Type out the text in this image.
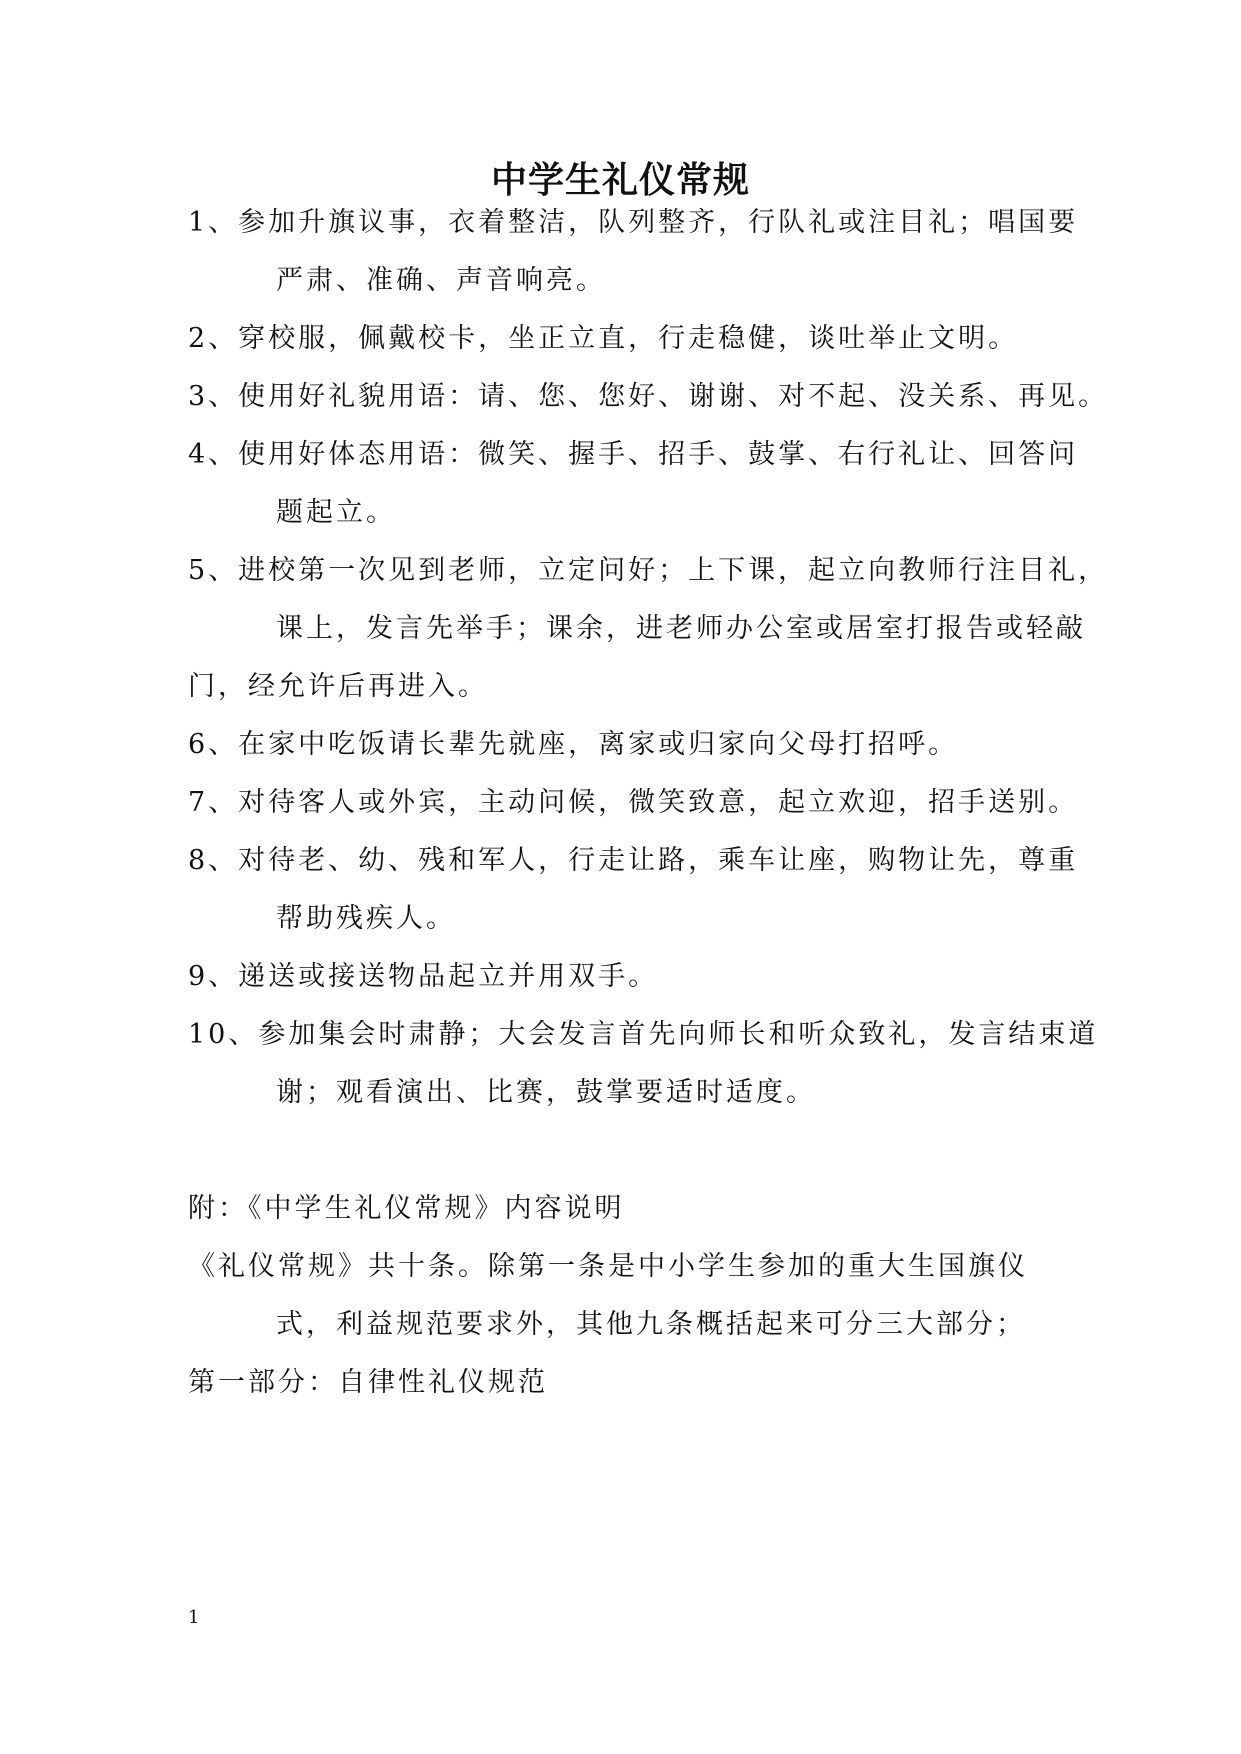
中学生礼仪常规
1、参加升旗议事，衣着整洁，队列整齐，行队礼或注目礼；唱国要
严肃、准确、声音响亮。
2、穿校服，佩戴校卡，坐正立直，行走稳健，谈吐举止文明。
3、使用好礼貌用语：请、您、您好、谢谢、对不起、没关系、再见。
4、使用好体态用语：微笑、握手、招手、鼓掌、右行礼让、回答问
题起立。
5、进校第一次见到老师，立定问好；上下课，起立向教师行注目礼，
课上，发言先举手；课余，进老师办公室或居室打报告或轻敲
门，经允许后再进入。
6、在家中吃饭请长辈先就座，离家或归家向父母打招呼。
7、对待客人或外宾，主动问候，微笑致意，起立欢迎，招手送别。
8、对待老、幼、残和军人，行走让路，乘车让座，购物让先，尊重
帮助残疾人。
9、递送或接送物品起立并用双手。
10、参加集会时肃静；大会发言首先向师长和听众致礼，发言结束道
谢；观看演出、比赛，鼓掌要适时适度。
附：《中学生礼仪常规》内容说明
《礼仪常规》共十条。除第一条是中小学生参加的重大生国旗仪
式，利益规范要求外，其他九条概括起来可分三大部分；
第一部分：自律性礼仪规范
1
